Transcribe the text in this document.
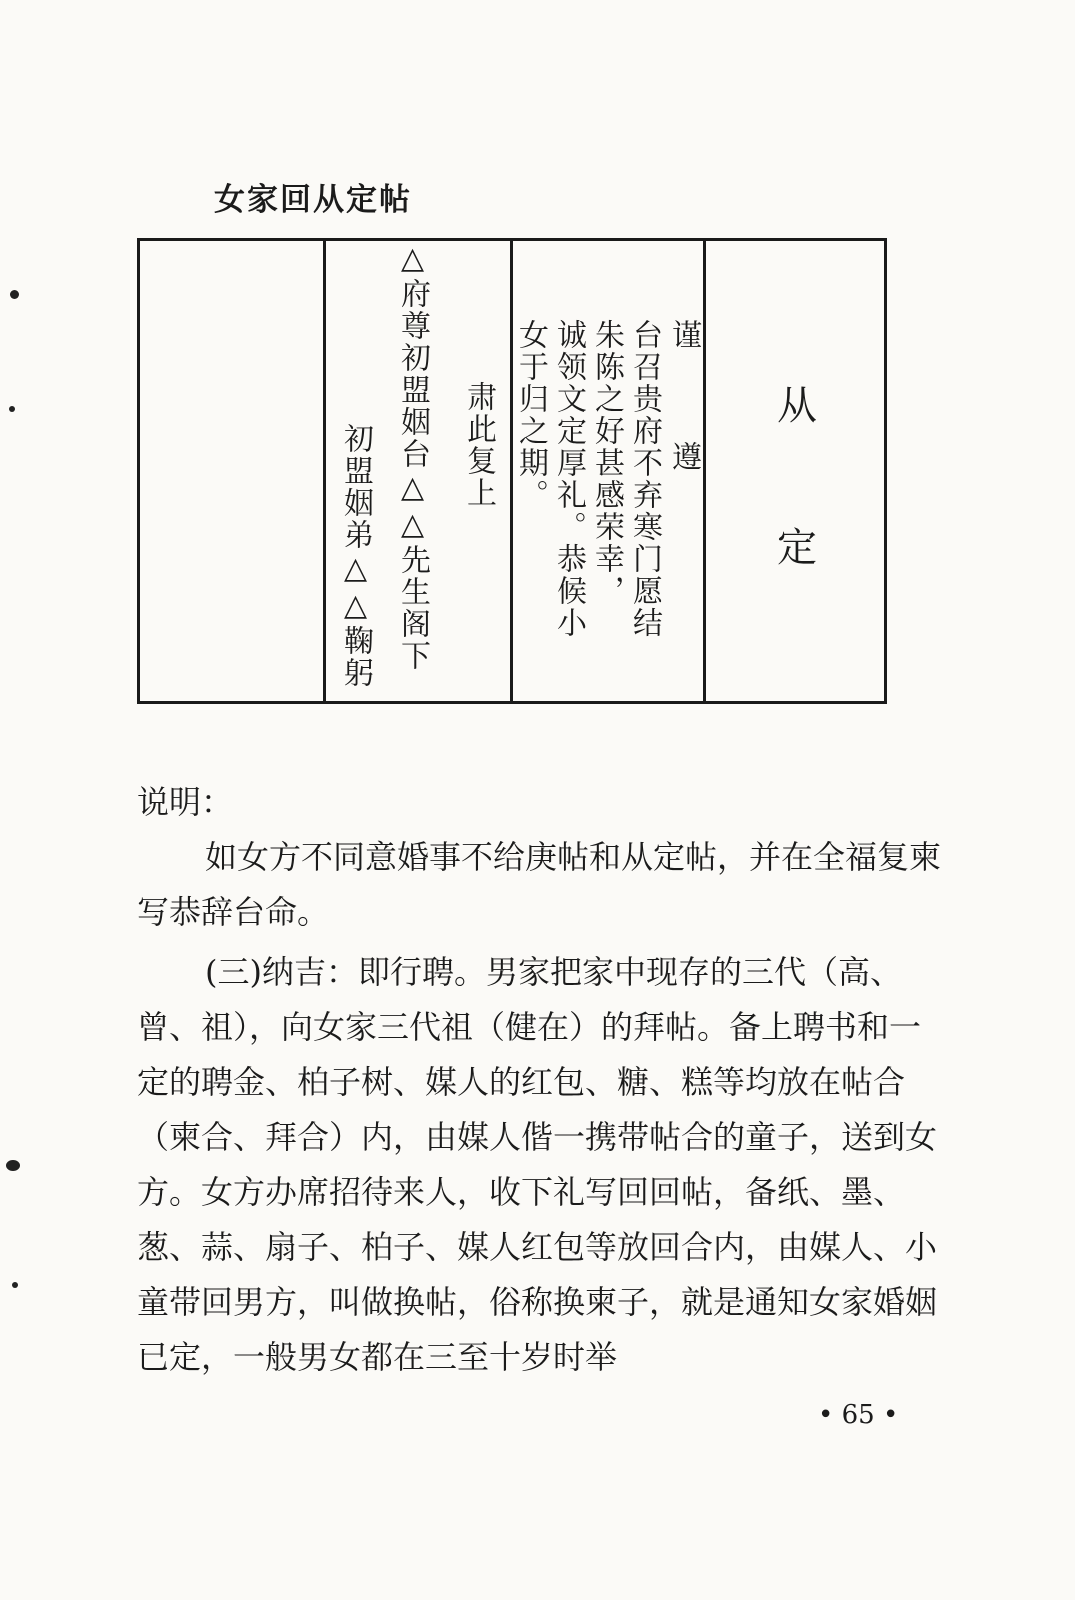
女家回从定帖
从
定
谨
遵
台召贵府不弃寒门愿结
朱陈之好甚感荣幸，
诚领文定厚礼。恭候小
女于归之期。
肃此复上
△府尊初盟姻台△△先生阁下
初盟姻弟△△鞠躬

说明：

如女方不同意婚事不给庚帖和从定帖，并在全福复柬写恭辞台命。

(三)纳吉：即行聘。男家把家中现存的三代（高、曾、祖），向女家三代祖（健在）的拜帖。备上聘书和一定的聘金、柏子树、媒人的红包、糖、糕等均放在帖合（柬合、拜合）内，由媒人偕一携带帖合的童子，送到女方。女方办席招待来人，收下礼写回回帖，备纸、墨、葱、蒜、扇子、柏子、媒人红包等放回合内，由媒人、小童带回男方，叫做换帖，俗称换柬子，就是通知女家婚姻已定，一般男女都在三至十岁时举

• 65 •
